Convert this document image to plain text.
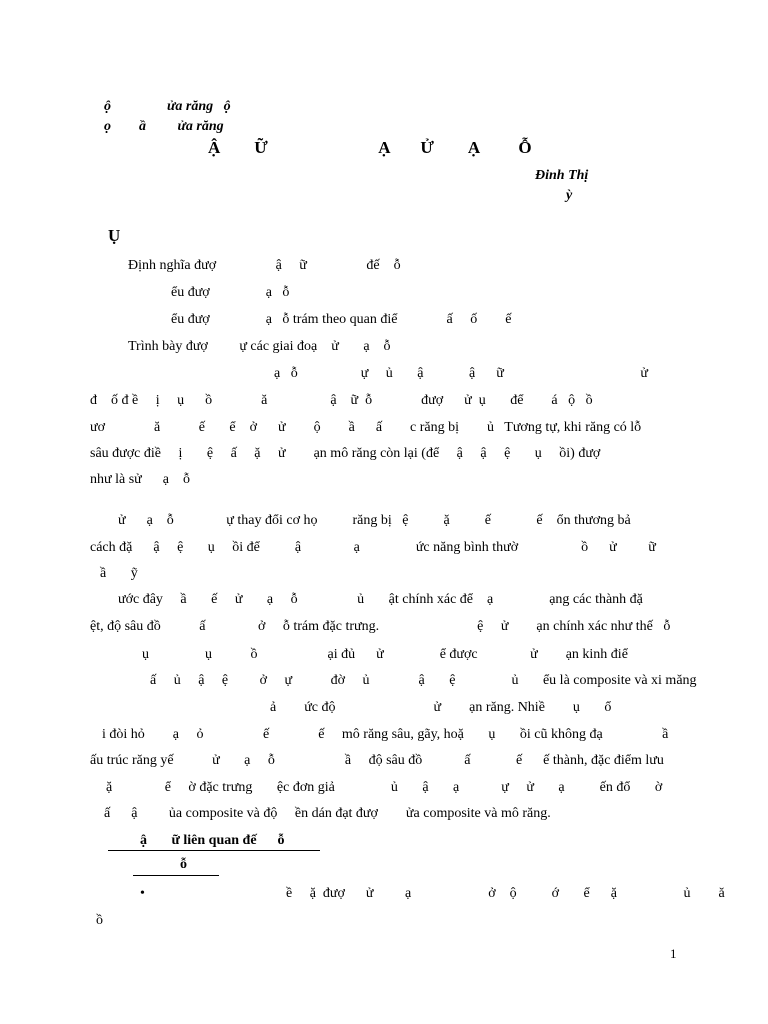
ộ                ửa răng   ộ
ọ        ầ         ửa răng
Ậ        Ữ                          Ạ       Ử        Ạ         Ỗ
Đinh Thị
ỳ
Ụ
Định nghĩa đượ                 ậ     ữ                 đế    ỗ
ểu đượ                ạ   ỗ
ểu đượ                ạ   ỗ trám theo quan điể              ấ     ố        ế
Trình bày đượ         ự các giai đoạ    ử       ạ    ỗ
ạ   ỗ                  ự     ủ       ậ             ậ      ữ                                       ử
đ    ố đ ề     ị     ụ      ồ              ă                  ậ    ữ  ỗ              đượ      ử  ụ       để        á   ộ   ồ
ươ              ă           ế       ể    ở      ử        ộ        ầ      ấ        c răng bị        ủ   Tương tự, khi răng có lỗ
sâu được điề     ị       ệ     ấ     ặ     ử        ạn mô răng còn lại (để     ậ     ậ     ệ       ụ     ồi) đượ
như là sử      ạ    ỗ
ử      ạ    ỗ               ự thay đổi cơ họ          răng bị   ệ          ặ          ế             ế    ổn thương bả
cách đặ      ậ     ệ       ụ     ồi để          ậ               ạ                ức năng bình thườ                  ồ      ử         ữ
ầ       ỹ
ước đây     ầ       ế     ử       ạ     ỗ                 ủ       ật chính xác để    ạ                ạng các thành đặ
ệt, độ sâu đồ           ấ               ở     ỗ trám đặc trưng.                            ệ     ử        ạn chính xác như thế   ỗ
ụ                ụ           ồ                    ại đủ      ử                ể được               ử        ạn kinh điể
ấ     ủ     ậ     ệ         ở     ự           đờ     ủ              ậ       ệ                ủ       ểu là composite và xi măng
ả        ức độ                            ử        ạn răng. Nhiề        ụ       ổ
i đòi hỏ        ạ     ỏ                 ế              ế     mô răng sâu, gãy, hoặ       ụ       ồi cũ không đạ                 ầ
ấu trúc răng yế           ử       ạ     ỗ                    ầ     độ sâu đồ            ấ             ế      ế thành, đặc điểm lưu
ặ               ể     ờ đặc trưng       ệc đơn giả                ủ       ậ       ạ            ự     ử       ạ          ến đổ       ờ
ấ      ậ         ủa composite và độ     ền dán đạt đượ        ửa composite và mô răng.
ậ       ữ liên quan đế      ỗ
ỗ
•	ề     ặ  đượ      ử         ạ                      ở    ộ          ớ       ể      ặ                   ủ        ă
ồ
1
